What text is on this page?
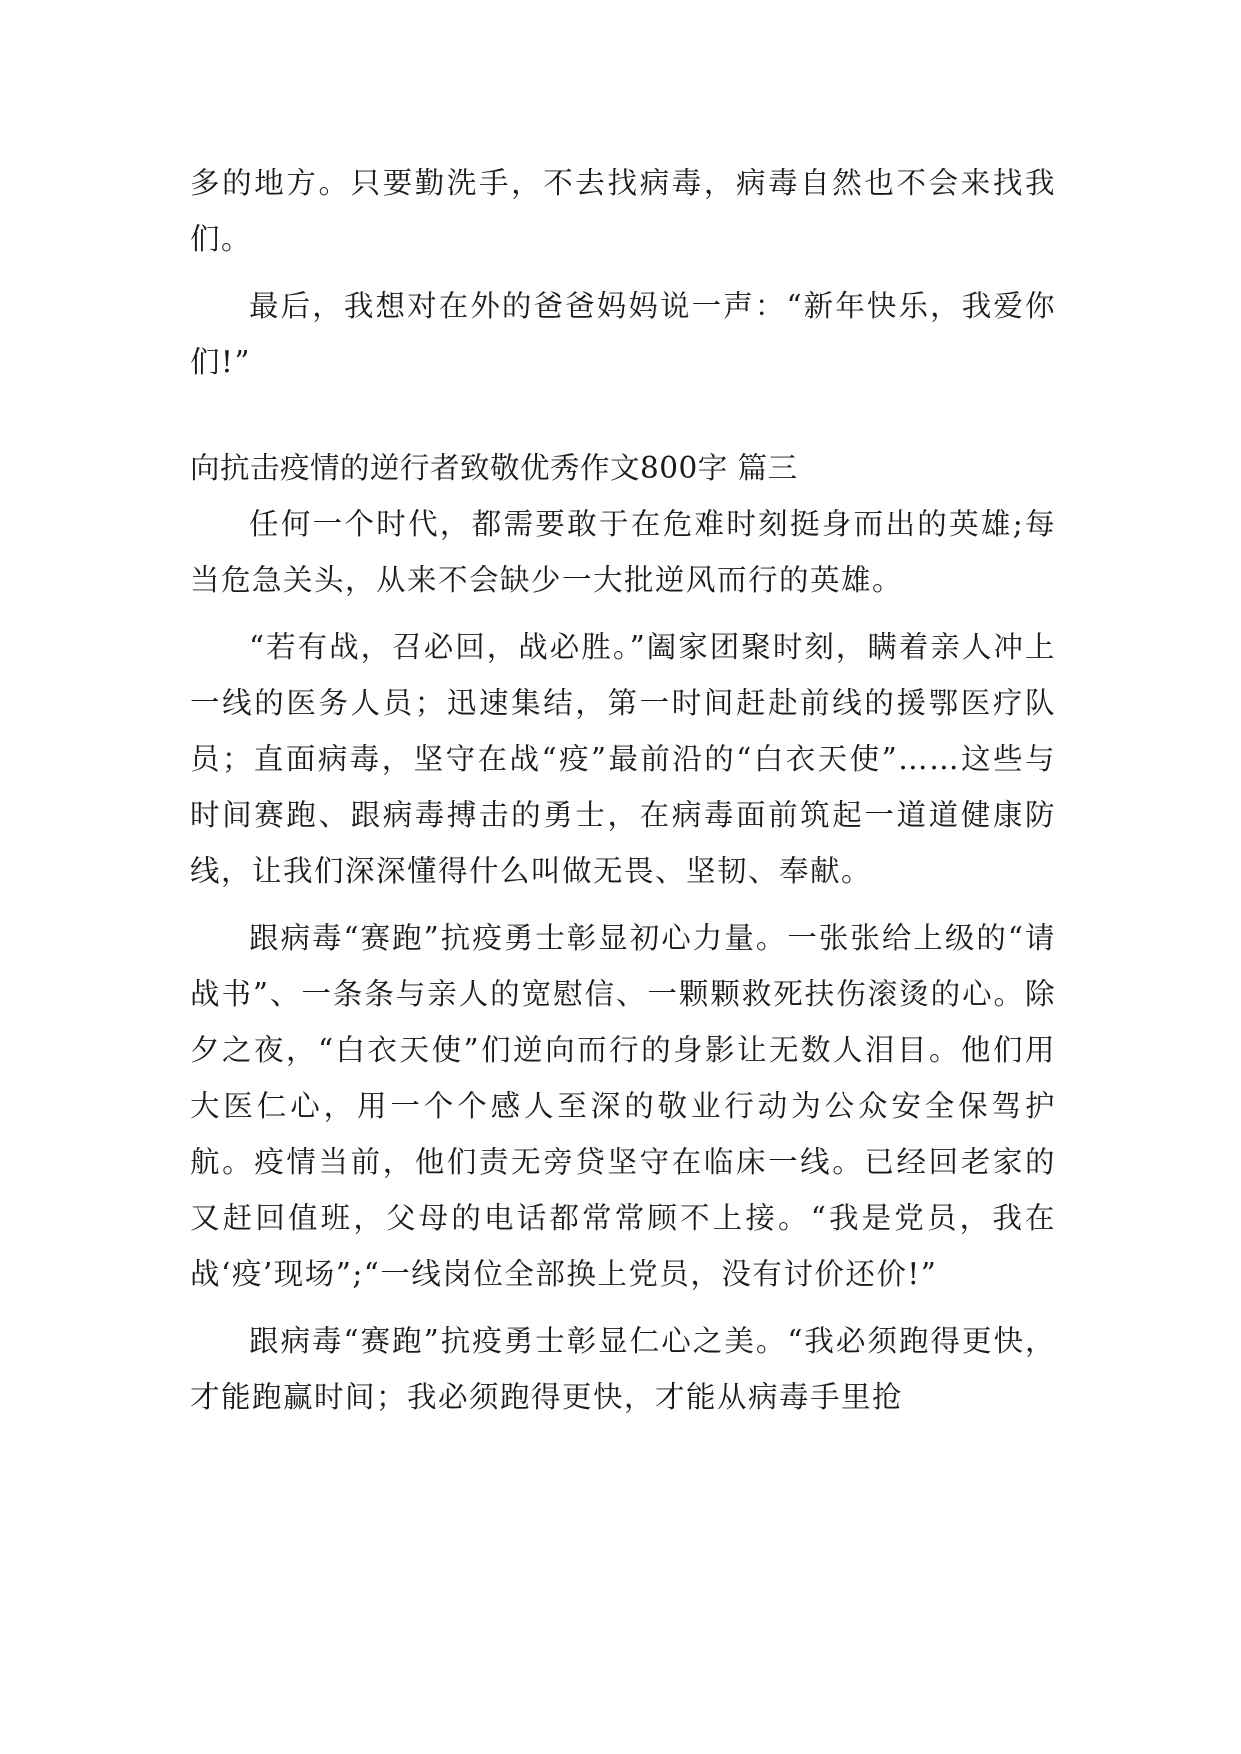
多的地方。只要勤洗手，不去找病毒，病毒自然也不会来找我们。

最后，我想对在外的爸爸妈妈说一声：“新年快乐，我爱你们!”

向抗击疫情的逆行者致敬优秀作文800字 篇三

任何一个时代，都需要敢于在危难时刻挺身而出的英雄;每当危急关头，从来不会缺少一大批逆风而行的英雄。

“若有战，召必回，战必胜。”阖家团聚时刻，瞒着亲人冲上一线的医务人员；迅速集结，第一时间赶赴前线的援鄂医疗队员；直面病毒，坚守在战“疫”最前沿的“白衣天使”……这些与时间赛跑、跟病毒搏击的勇士，在病毒面前筑起一道道健康防线，让我们深深懂得什么叫做无畏、坚韧、奉献。

跟病毒“赛跑”抗疫勇士彰显初心力量。一张张给上级的“请战书”、一条条与亲人的宽慰信、一颗颗救死扶伤滚烫的心。除夕之夜，“白衣天使”们逆向而行的身影让无数人泪目。他们用大医仁心，用一个个感人至深的敬业行动为公众安全保驾护航。疫情当前，他们责无旁贷坚守在临床一线。已经回老家的又赶回值班，父母的电话都常常顾不上接。“我是党员，我在战‘疫’现场”;“一线岗位全部换上党员，没有讨价还价!”

跟病毒“赛跑”抗疫勇士彰显仁心之美。“我必须跑得更快，才能跑赢时间；我必须跑得更快，才能从病毒手里抢
